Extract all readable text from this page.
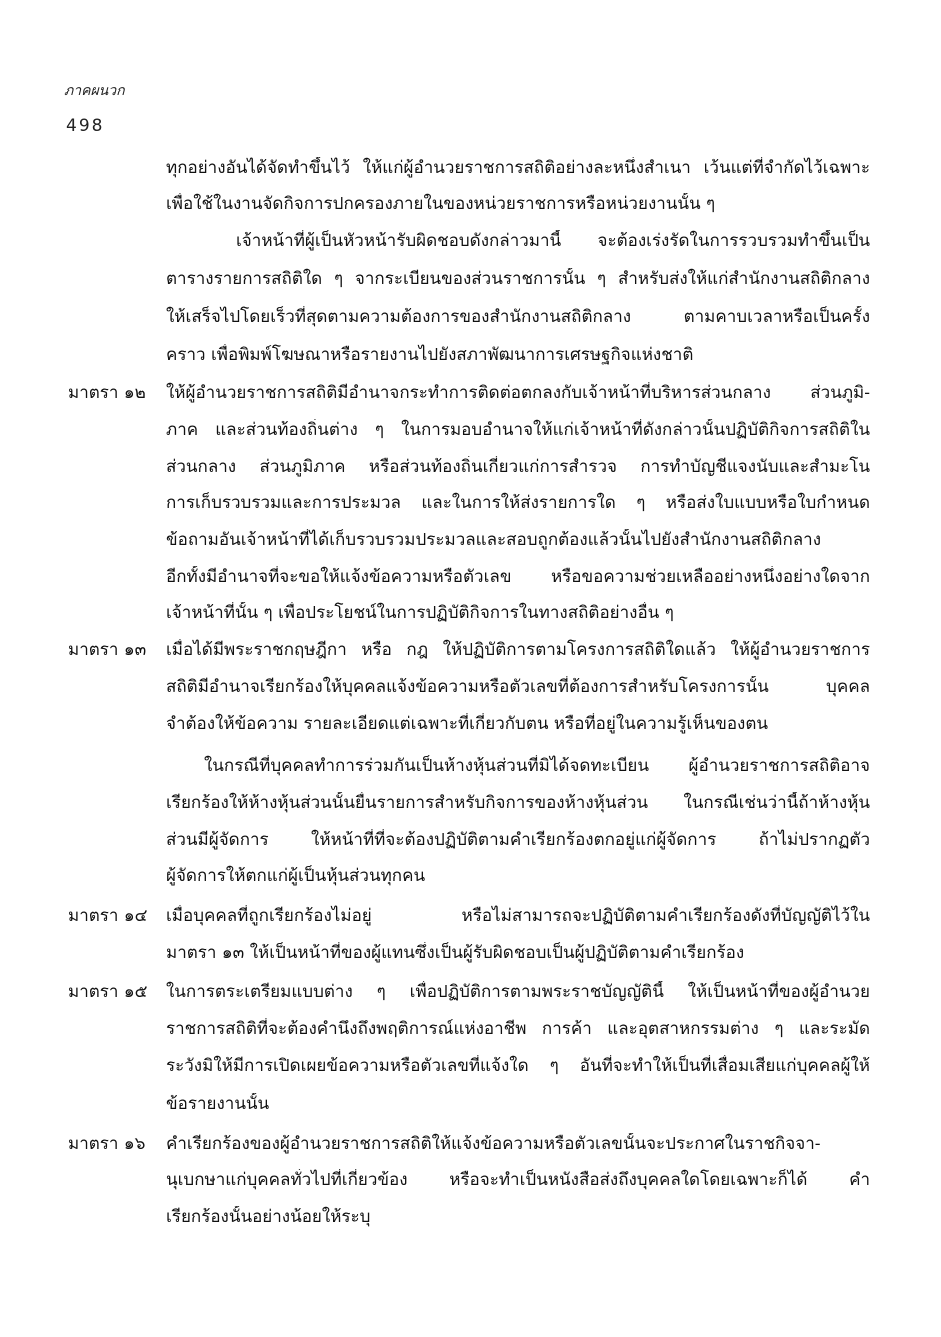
ภาคผนวก
498
ทุกอย่างอันได้จัดทำขึ้นไว้ ให้แก่ผู้อำนวยราชการสถิติอย่างละหนึ่งสำเนา เว้นแต่ที่จำกัดไว้เฉพาะ
เพื่อใช้ในงานจัดกิจการปกครองภายในของหน่วยราชการหรือหน่วยงานนั้น ๆ
เจ้าหน้าที่ผู้เป็นหัวหน้ารับผิดชอบดังกล่าวมานี้ จะต้องเร่งรัดในการรวบรวมทำขึ้นเป็น
ตารางรายการสถิติใด ๆ จากระเบียนของส่วนราชการนั้น ๆ สำหรับส่งให้แก่สำนักงานสถิติกลาง
ให้เสร็จไปโดยเร็วที่สุดตามความต้องการของสำนักงานสถิติกลาง ตามคาบเวลาหรือเป็นครั้ง
คราว เพื่อพิมพ์โฆษณาหรือรายงานไปยังสภาพัฒนาการเศรษฐกิจแห่งชาติ
มาตรา ๑๒ ให้ผู้อำนวยราชการสถิติมีอำนาจกระทำการติดต่อตกลงกับเจ้าหน้าที่บริหารส่วนกลาง ส่วนภูมิ-
ภาค และส่วนท้องถิ่นต่าง ๆ ในการมอบอำนาจให้แก่เจ้าหน้าที่ดังกล่าวนั้นปฏิบัติกิจการสถิติใน
ส่วนกลาง ส่วนภูมิภาค หรือส่วนท้องถิ่นเกี่ยวแก่การสำรวจ การทำบัญชีแจงนับและสำมะโน
การเก็บรวบรวมและการประมวล และในการให้ส่งรายการใด ๆ หรือส่งใบแบบหรือใบกำหนด
ข้อถามอันเจ้าหน้าที่ได้เก็บรวบรวมประมวลและสอบถูกต้องแล้วนั้นไปยังสำนักงานสถิติกลาง
อีกทั้งมีอำนาจที่จะขอให้แจ้งข้อความหรือตัวเลข หรือขอความช่วยเหลืออย่างหนึ่งอย่างใดจาก
เจ้าหน้าที่นั้น ๆ เพื่อประโยชน์ในการปฏิบัติกิจการในทางสถิติอย่างอื่น ๆ
มาตรา ๑๓ เมื่อได้มีพระราชกฤษฎีกา หรือ กฎ ให้ปฏิบัติการตามโครงการสถิติใดแล้ว ให้ผู้อำนวยราชการ
สถิติมีอำนาจเรียกร้องให้บุคคลแจ้งข้อความหรือตัวเลขที่ต้องการสำหรับโครงการนั้น บุคคล
จำต้องให้ข้อความ รายละเอียดแต่เฉพาะที่เกี่ยวกับตน หรือที่อยู่ในความรู้เห็นของตน
ในกรณีที่บุคคลทำการร่วมกันเป็นห้างหุ้นส่วนที่มิได้จดทะเบียน ผู้อำนวยราชการสถิติอาจ
เรียกร้องให้ห้างหุ้นส่วนนั้นยื่นรายการสำหรับกิจการของห้างหุ้นส่วน ในกรณีเช่นว่านี้ถ้าห้างหุ้น
ส่วนมีผู้จัดการ ให้หน้าที่ที่จะต้องปฏิบัติตามคำเรียกร้องตกอยู่แก่ผู้จัดการ ถ้าไม่ปรากฏตัว
ผู้จัดการให้ตกแก่ผู้เป็นหุ้นส่วนทุกคน
มาตรา ๑๔ เมื่อบุคคลที่ถูกเรียกร้องไม่อยู่ หรือไม่สามารถจะปฏิบัติตามคำเรียกร้องดังที่บัญญัติไว้ใน
มาตรา ๑๓ ให้เป็นหน้าที่ของผู้แทนซึ่งเป็นผู้รับผิดชอบเป็นผู้ปฏิบัติตามคำเรียกร้อง
มาตรา ๑๕ ในการตระเตรียมแบบต่าง ๆ เพื่อปฏิบัติการตามพระราชบัญญัตินี้ ให้เป็นหน้าที่ของผู้อำนวย
ราชการสถิติที่จะต้องคำนึงถึงพฤติการณ์แห่งอาชีพ การค้า และอุตสาหกรรมต่าง ๆ และระมัด
ระวังมิให้มีการเปิดเผยข้อความหรือตัวเลขที่แจ้งใด ๆ อันที่จะทำให้เป็นที่เสื่อมเสียแก่บุคคลผู้ให้
ข้อรายงานนั้น
มาตรา ๑๖ คำเรียกร้องของผู้อำนวยราชการสถิติให้แจ้งข้อความหรือตัวเลขนั้นจะประกาศในราชกิจจา-
นุเบกษาแก่บุคคลทั่วไปที่เกี่ยวข้อง หรือจะทำเป็นหนังสือส่งถึงบุคคลใดโดยเฉพาะก็ได้ คำ
เรียกร้องนั้นอย่างน้อยให้ระบุ
